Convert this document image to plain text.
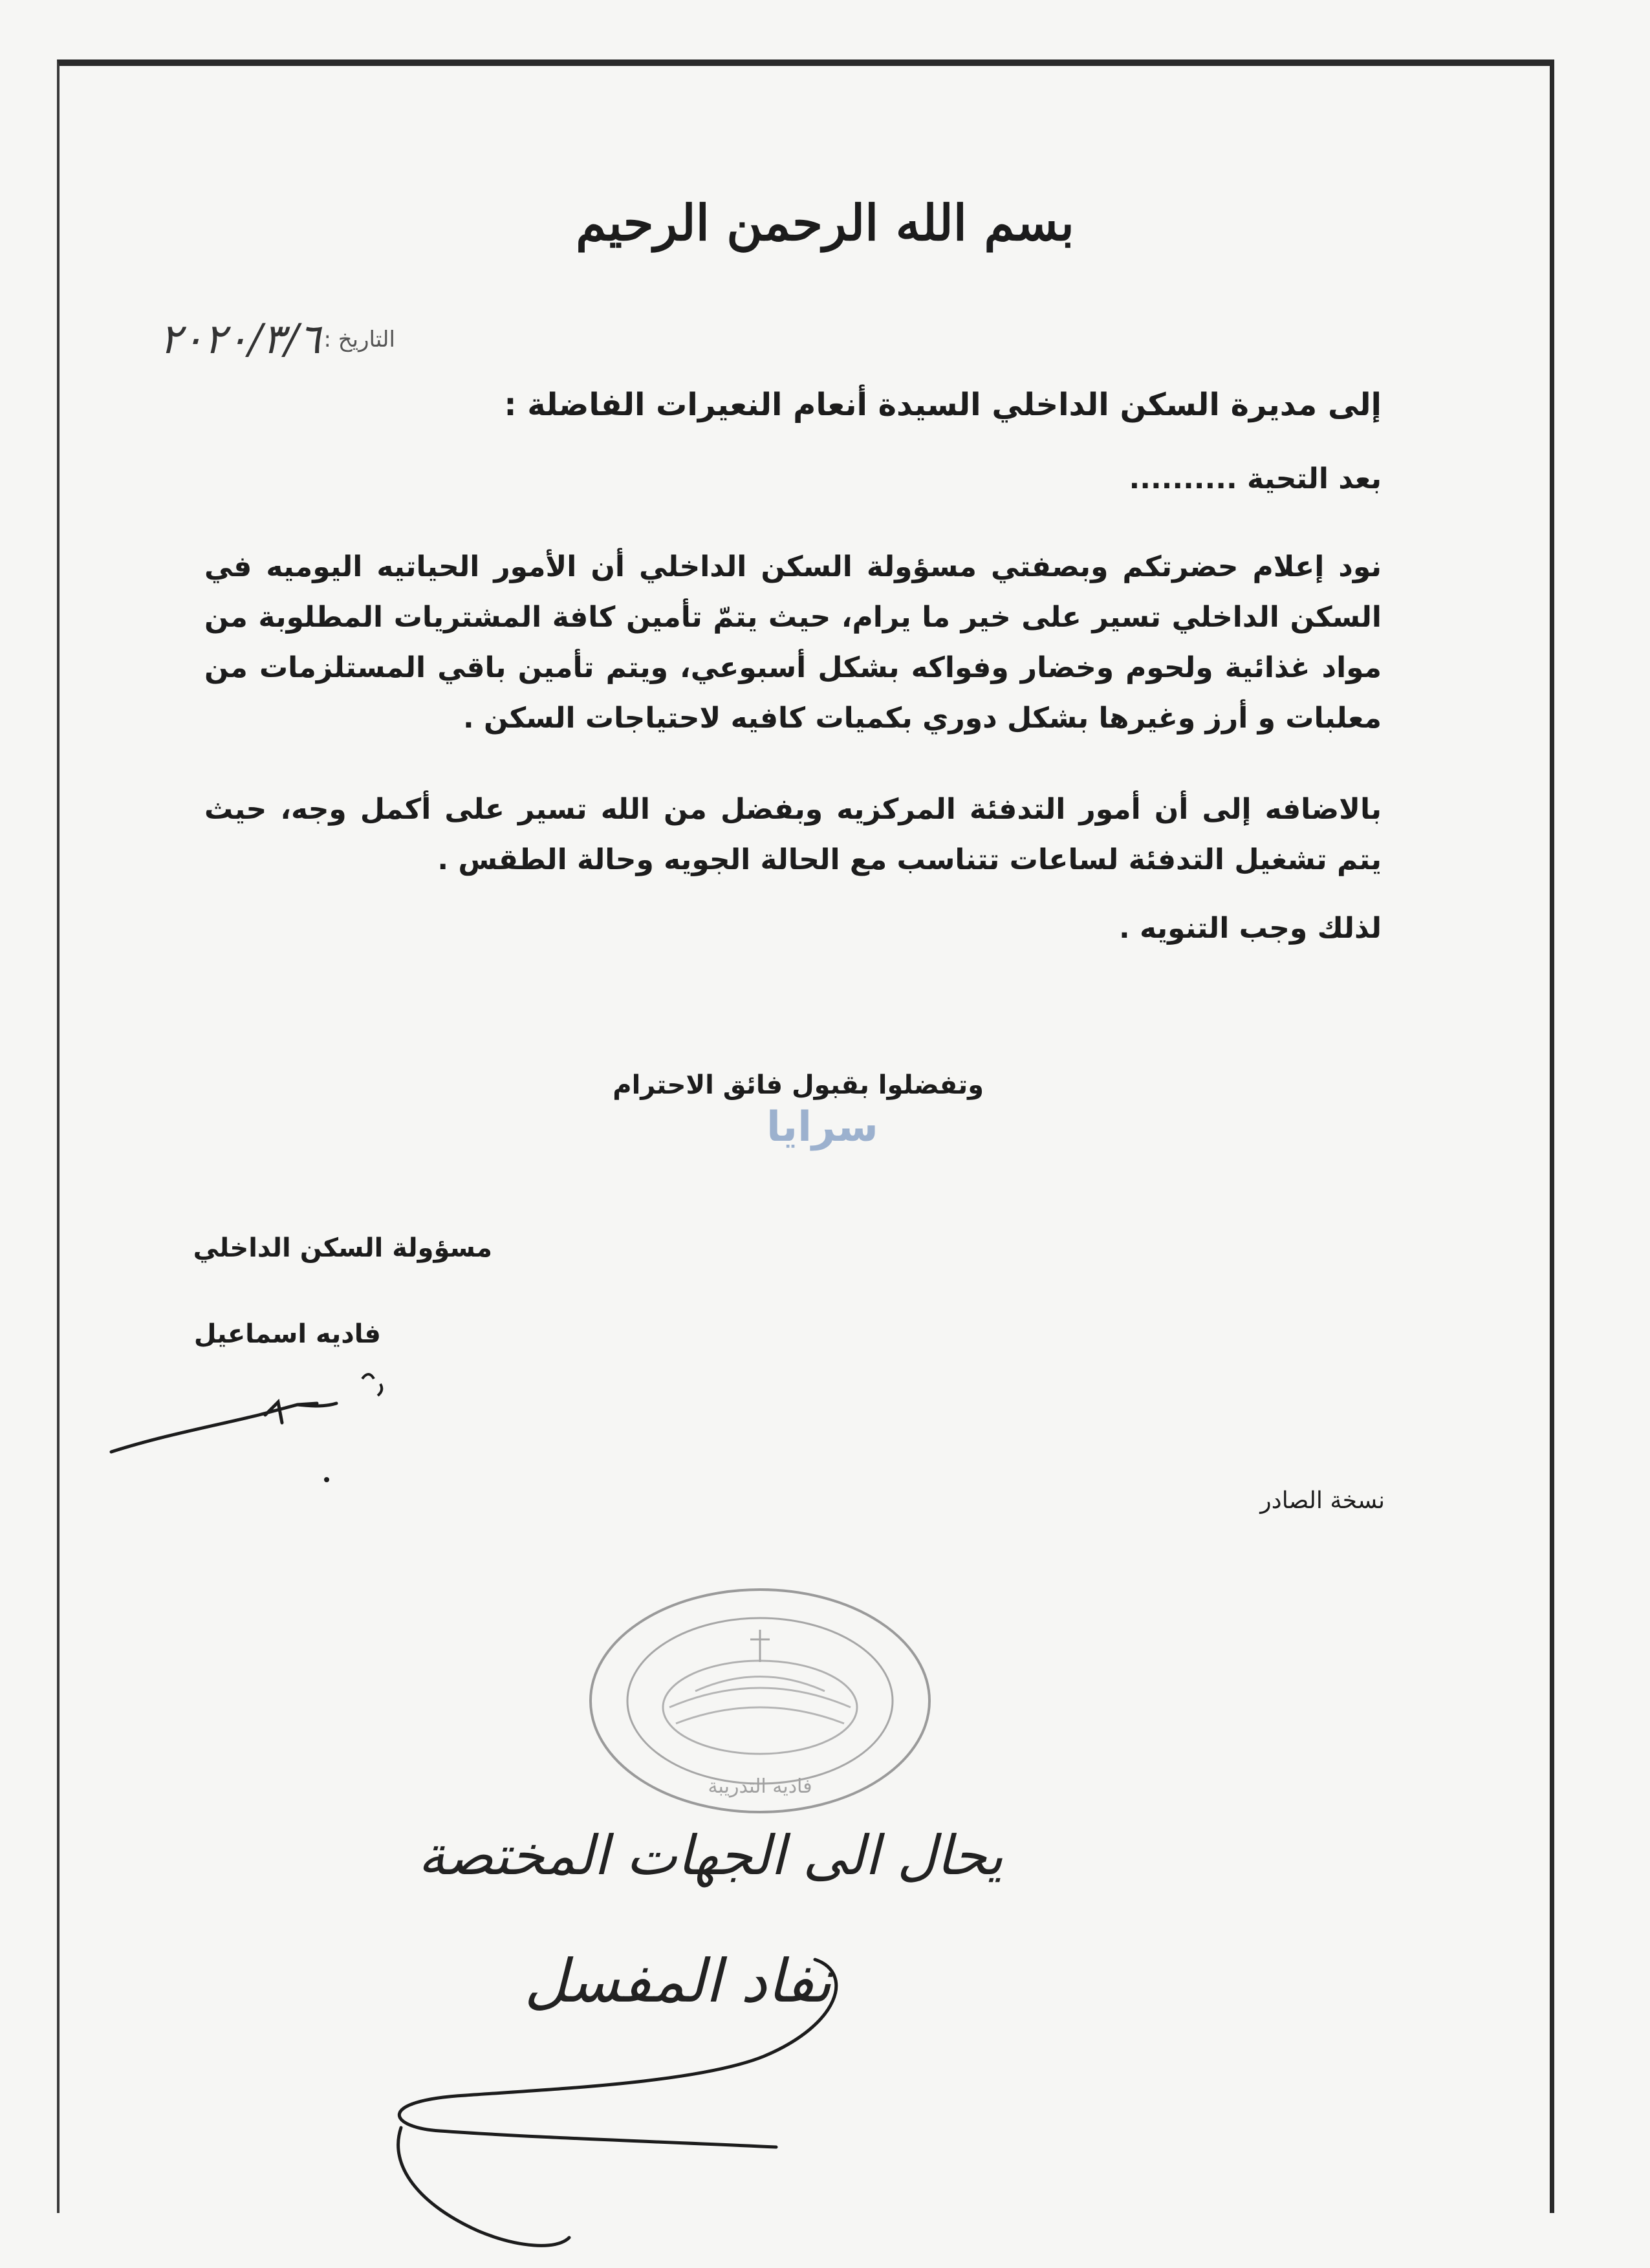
بسم الله الرحمن الرحيم
٢٠٢٠/٣/٦ التاريخ :
إلى مديرة السكن الداخلي السيدة أنعام النعيرات الفاضلة :
بعد التحية ..........

نود إعلام حضرتكم وبصفتي مسؤولة السكن الداخلي أن الأمور الحياتيه اليوميه في السكن الداخلي تسير على خير ما يرام، حيث يتمّ تأمين كافة المشتريات المطلوبة من مواد غذائية ولحوم وخضار وفواكه بشكل أسبوعي، ويتم تأمين باقي المستلزمات من معلبات و أرز وغيرها بشكل دوري بكميات كافيه لاحتياجات السكن .

بالاضافه إلى أن أمور التدفئة المركزيه وبفضل من الله تسير على أكمل وجه، حيث يتم تشغيل التدفئة لساعات تتناسب مع الحالة الجويه وحالة الطقس .

لذلك وجب التنويه .
وتفضلوا بقبول فائق الاحترام
سرايا
مسؤولة السكن الداخلي
فاديه اسماعيل
نسخة الصادر
فاديه التدريبة
يحال الى الجهات المختصة
نفاد المفسل
